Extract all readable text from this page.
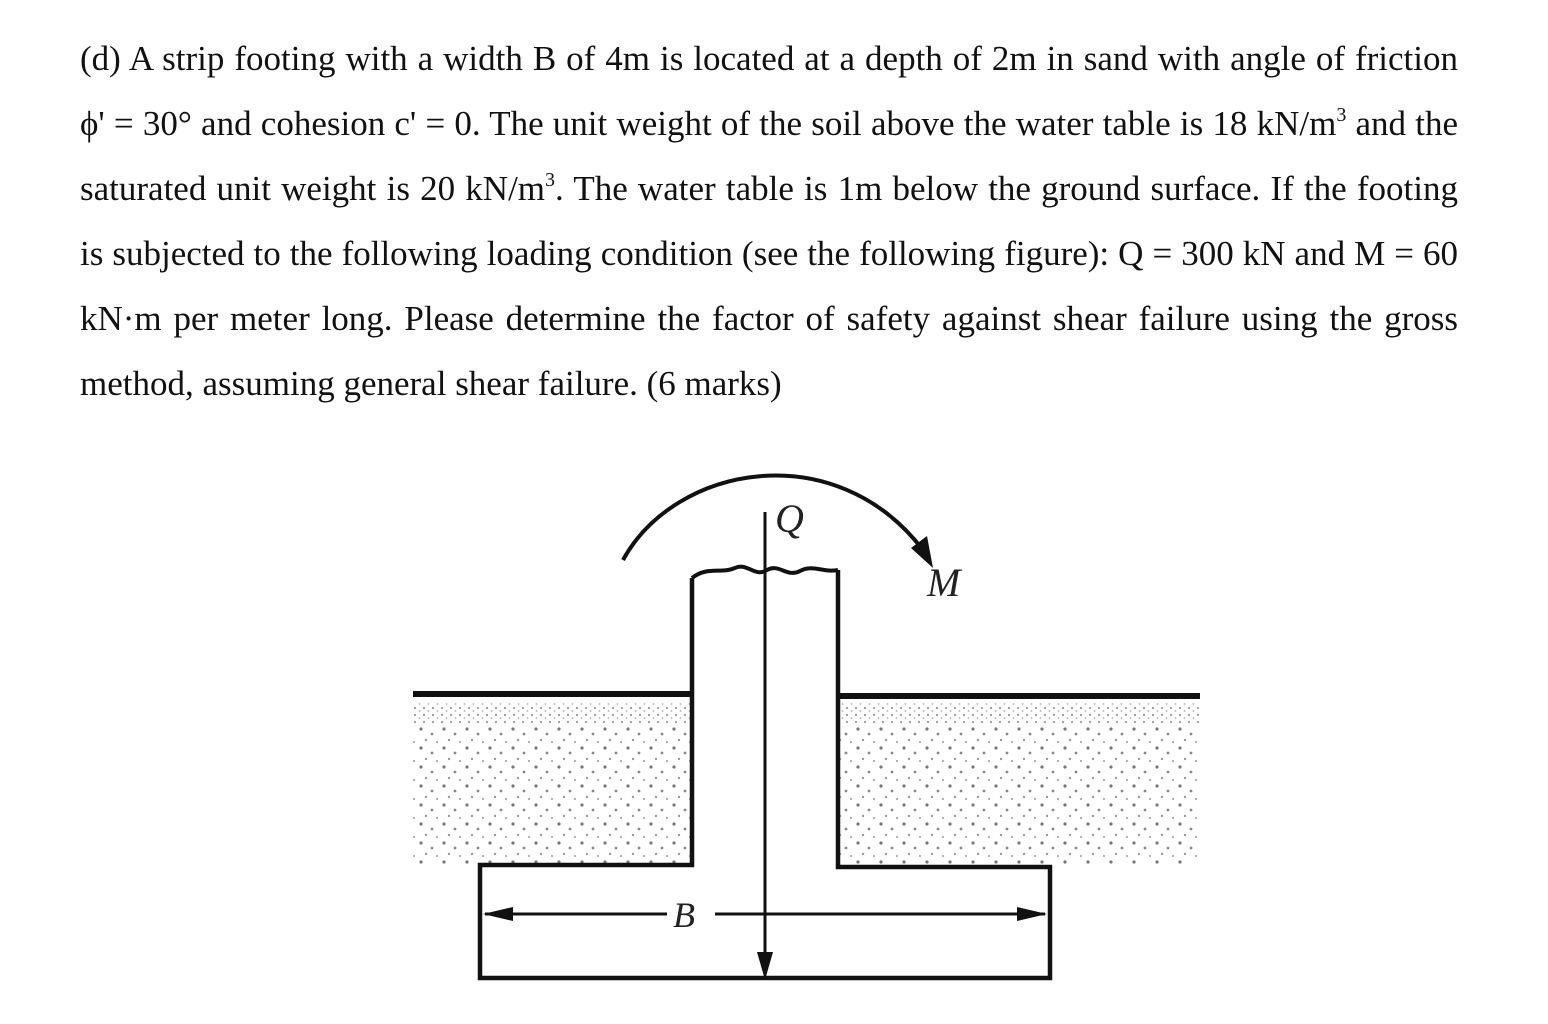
(d) A strip footing with a width B of 4m is located at a depth of 2m in sand with angle of friction ϕ' = 30° and cohesion c' = 0. The unit weight of the soil above the water table is 18 $kN/m^3$ and the saturated unit weight is 20 $kN/m^3$. The water table is 1m below the ground surface. If the footing is subjected to the following loading condition (see the following figure): Q = 300 kN and M = 60 kN·m per meter long. Please determine the factor of safety against shear failure using the gross method, assuming general shear failure. (6 marks)

Q
M
B
